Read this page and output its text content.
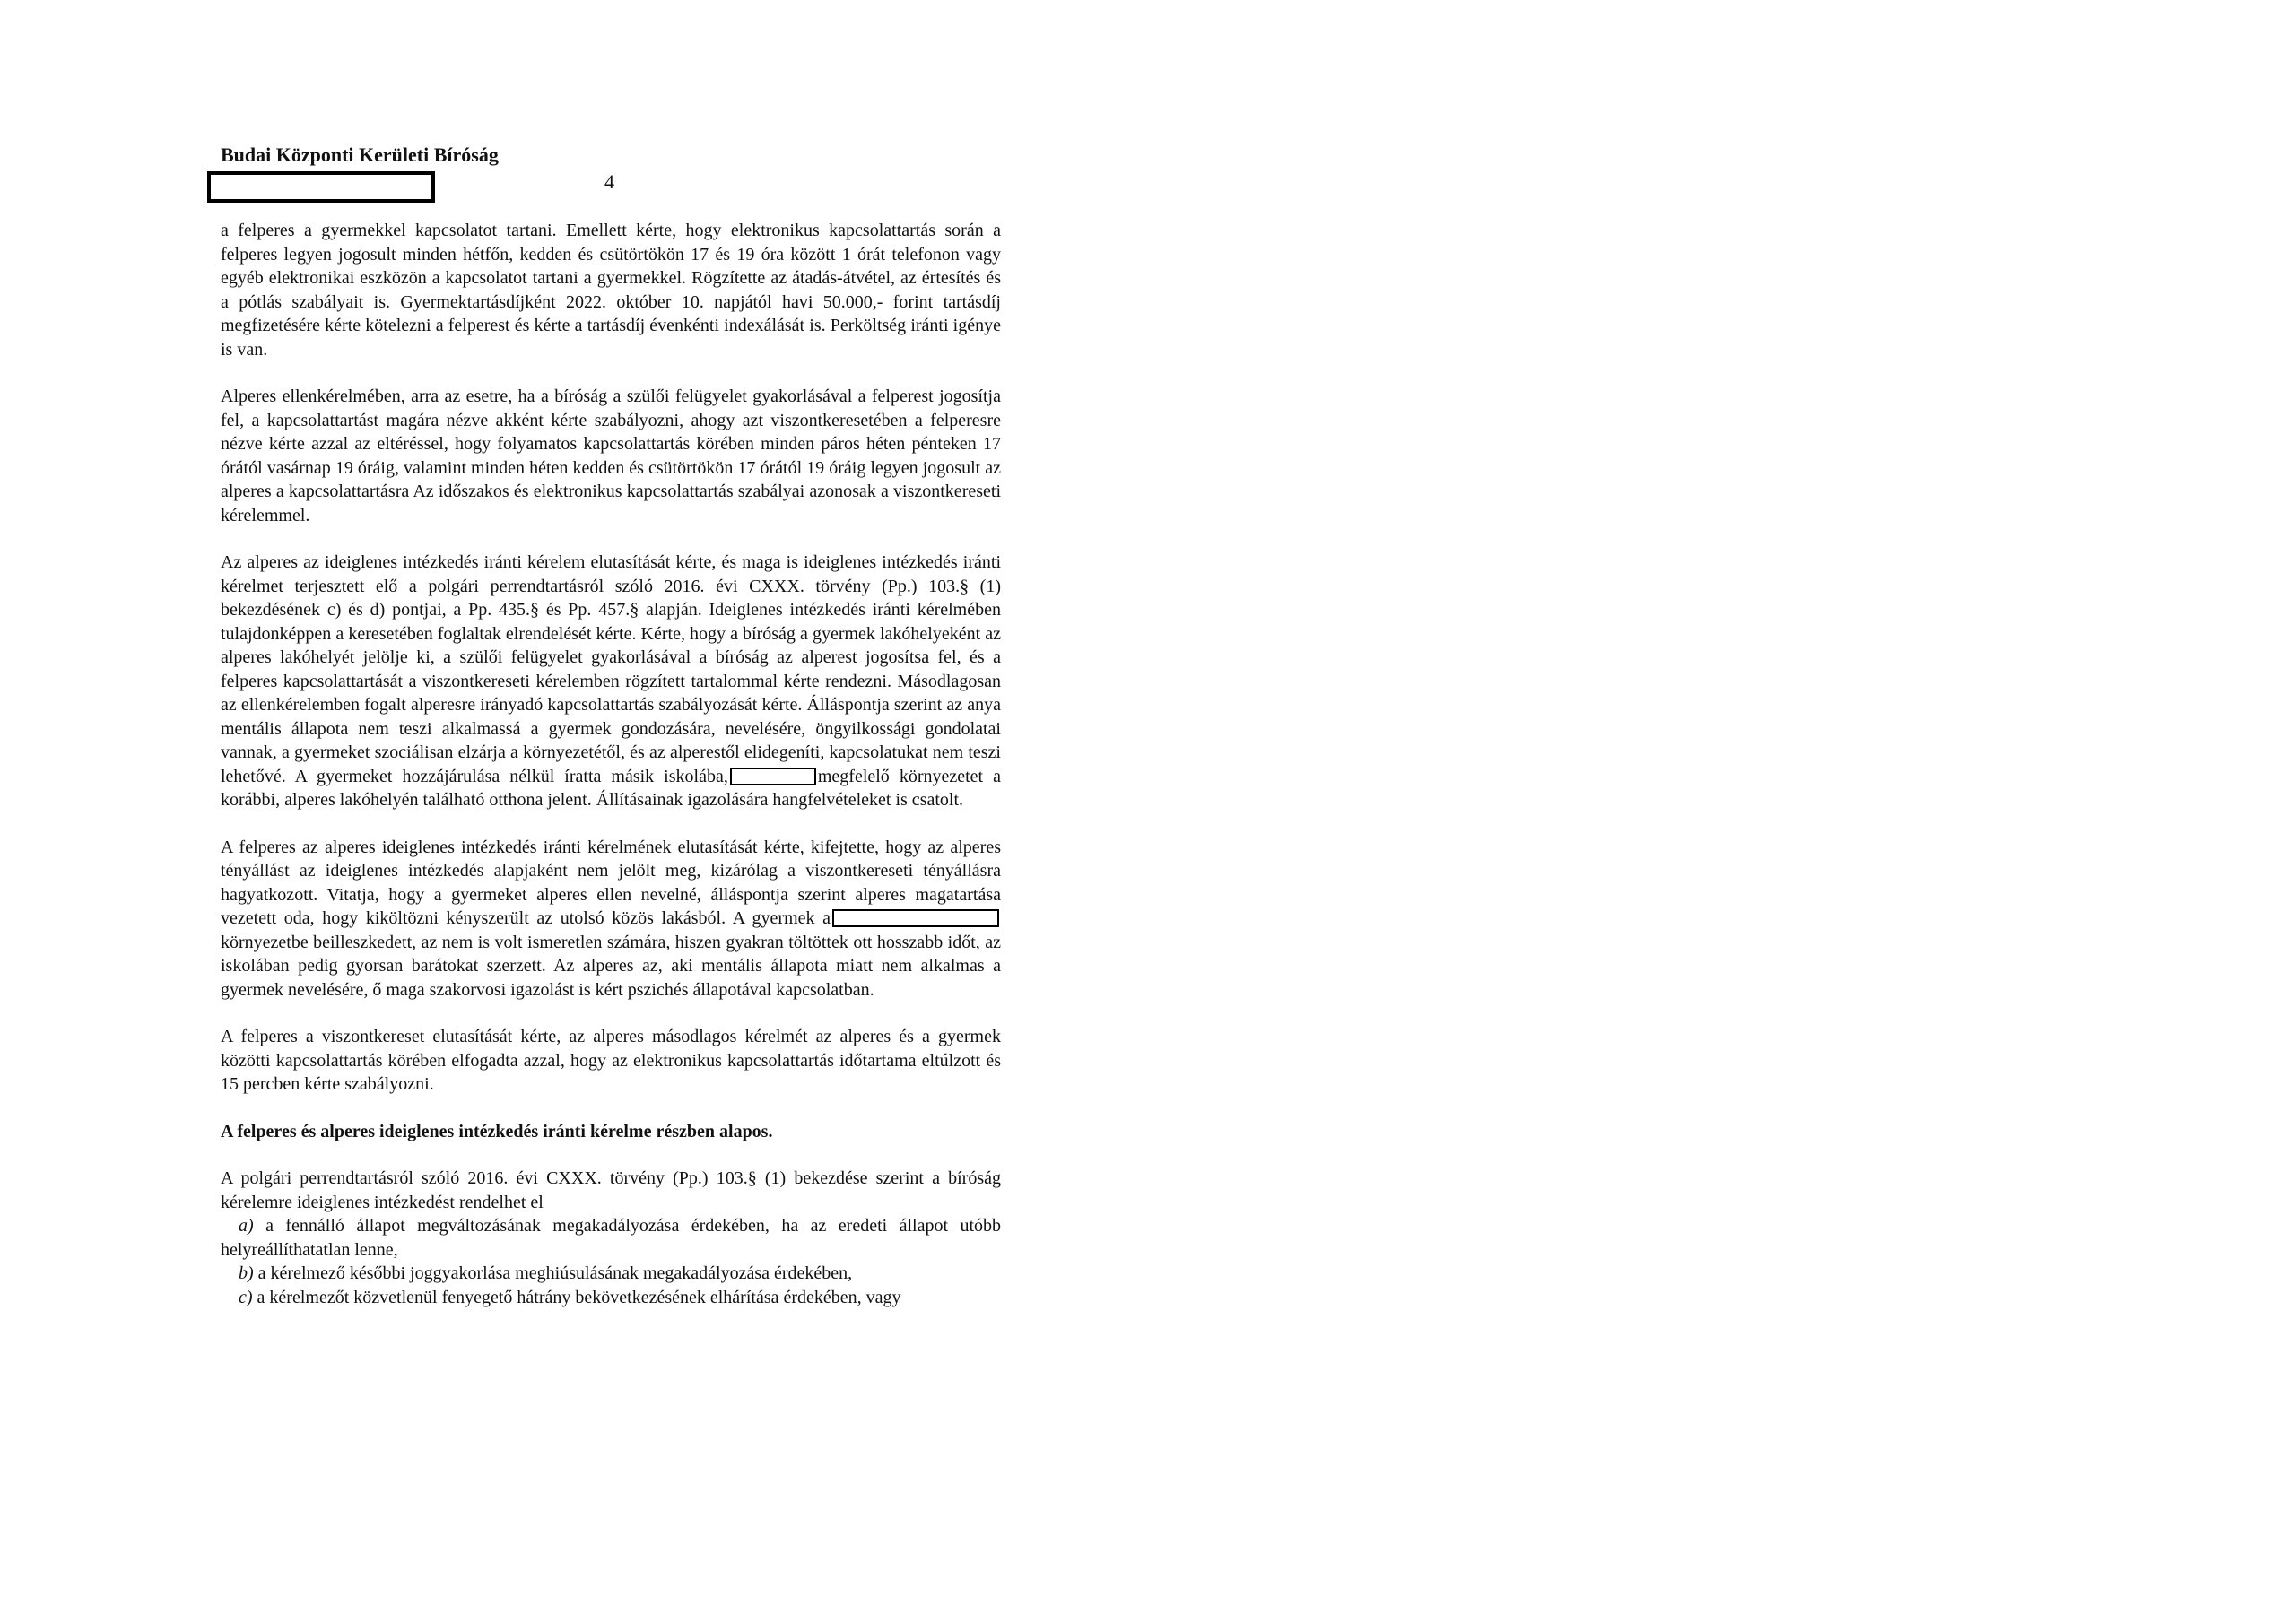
Budai Központi Kerületi Bíróság
4

a felperes a gyermekkel kapcsolatot tartani. Emellett kérte, hogy elektronikus kapcsolattartás során a felperes legyen jogosult minden hétfőn, kedden és csütörtökön 17 és 19 óra között 1 órát telefonon vagy egyéb elektronikai eszközön a kapcsolatot tartani a gyermekkel. Rögzítette az átadás-átvétel, az értesítés és a pótlás szabályait is. Gyermektartásdíjként 2022. október 10. napjától havi 50.000,- forint tartásdíj megfizetésére kérte kötelezni a felperest és kérte a tartásdíj évenkénti indexálását is. Perköltség iránti igénye is van.

Alperes ellenkérelmében, arra az esetre, ha a bíróság a szülői felügyelet gyakorlásával a felperest jogosítja fel, a kapcsolattartást magára nézve akként kérte szabályozni, ahogy azt viszontkeresetében a felperesre nézve kérte azzal az eltéréssel, hogy folyamatos kapcsolattartás körében minden páros héten pénteken 17 órától vasárnap 19 óráig, valamint minden héten kedden és csütörtökön 17 órától 19 óráig legyen jogosult az alperes a kapcsolattartásra Az időszakos és elektronikus kapcsolattartás szabályai azonosak a viszontkereseti kérelemmel.

Az alperes az ideiglenes intézkedés iránti kérelem elutasítását kérte, és maga is ideiglenes intézkedés iránti kérelmet terjesztett elő a polgári perrendtartásról szóló 2016. évi CXXX. törvény (Pp.) 103.§ (1) bekezdésének c) és d) pontjai, a Pp. 435.§ és Pp. 457.§ alapján. Ideiglenes intézkedés iránti kérelmében tulajdonképpen a keresetében foglaltak elrendelését kérte. Kérte, hogy a bíróság a gyermek lakóhelyeként az alperes lakóhelyét jelölje ki, a szülői felügyelet gyakorlásával a bíróság az alperest jogosítsa fel, és a felperes kapcsolattartását a viszontkereseti kérelemben rögzített tartalommal kérte rendezni. Másodlagosan az ellenkérelemben fogalt alperesre irányadó kapcsolattartás szabályozását kérte. Álláspontja szerint az anya mentális állapota nem teszi alkalmassá a gyermek gondozására, nevelésére, öngyilkossági gondolatai vannak, a gyermeket szociálisan elzárja a környezetétől, és az alperestől elidegeníti, kapcsolatukat nem teszi lehetővé. A gyermeket hozzájárulása nélkül íratta másik iskolába,	megfelelő környezetet a korábbi, alperes lakóhelyén található otthona jelent. Állításainak igazolására hangfelvételeket is csatolt.

A felperes az alperes ideiglenes intézkedés iránti kérelmének elutasítását kérte, kifejtette, hogy az alperes tényállást az ideiglenes intézkedés alapjaként nem jelölt meg, kizárólag a viszontkereseti tényállásra hagyatkozott. Vitatja, hogy a gyermeket alperes ellen nevelné, álláspontja szerint alperes magatartása vezetett oda, hogy kiköltözni kényszerült az utolsó közös lakásból. A gyermek akörnyezetbe beilleszkedett, az nem is volt ismeretlen számára, hiszen gyakran töltöttek ott hosszabb időt, az iskolában pedig gyorsan barátokat szerzett. Az alperes az, aki mentális állapota miatt nem alkalmas a gyermek nevelésére, ő maga szakorvosi igazolást is kért pszichés állapotával kapcsolatban.

A felperes a viszontkereset elutasítását kérte, az alperes másodlagos kérelmét az alperes és a gyermek közötti kapcsolattartás körében elfogadta azzal, hogy az elektronikus kapcsolattartás időtartama eltúlzott és 15 percben kérte szabályozni.

A felperes és alperes ideiglenes intézkedés iránti kérelme részben alapos.

A polgári perrendtartásról szóló 2016. évi CXXX. törvény (Pp.) 103.§ (1) bekezdése szerint a bíróság kérelemre ideiglenes intézkedést rendelhet el

a) a fennálló állapot megváltozásának megakadályozása érdekében, ha az eredeti állapot utóbb helyreállíthatatlan lenne,

b) a kérelmező későbbi joggyakorlása meghiúsulásának megakadályozása érdekében,

c) a kérelmezőt közvetlenül fenyegető hátrány bekövetkezésének elhárítása érdekében, vagy
